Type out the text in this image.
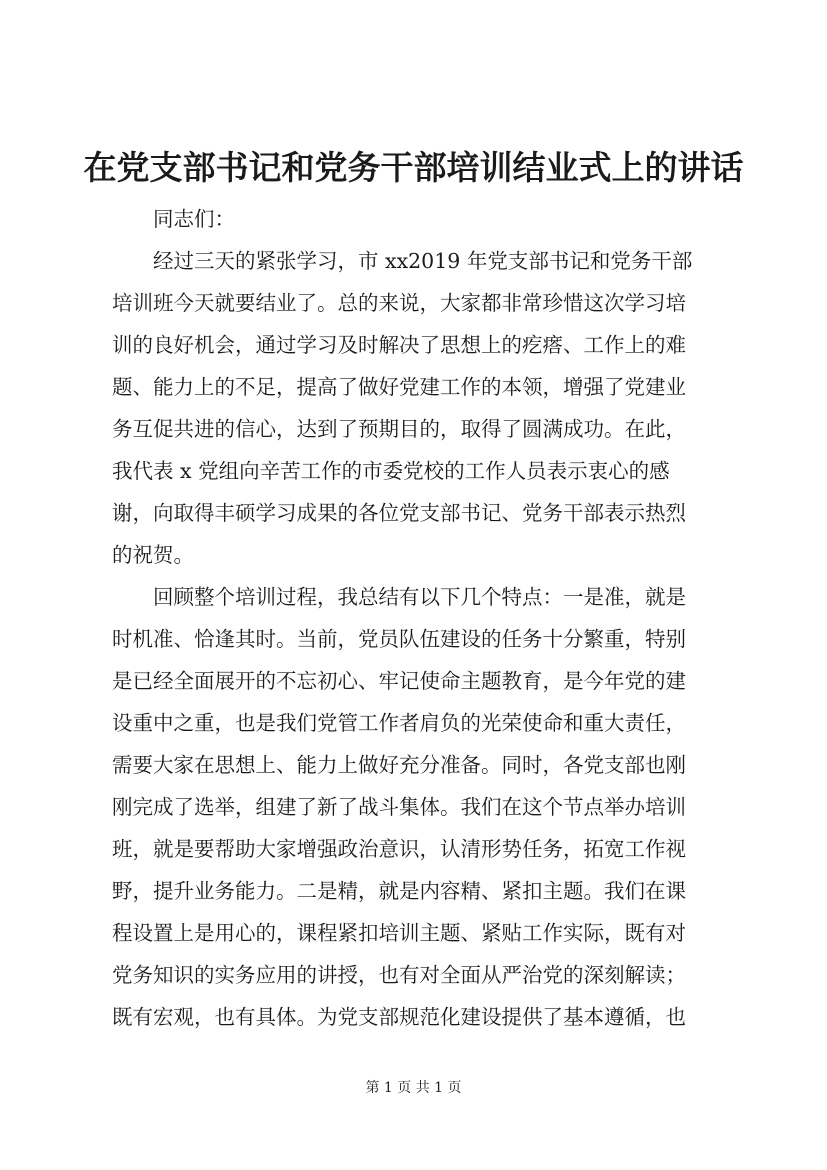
在党支部书记和党务干部培训结业式上的讲话
同志们：
经过三天的紧张学习，市 xx2019 年党支部书记和党务干部
培训班今天就要结业了。总的来说，大家都非常珍惜这次学习培
训的良好机会，通过学习及时解决了思想上的疙瘩、工作上的难
题、能力上的不足，提高了做好党建工作的本领，增强了党建业
务互促共进的信心，达到了预期目的，取得了圆满成功。在此，
我代表 x 党组向辛苦工作的市委党校的工作人员表示衷心的感
谢，向取得丰硕学习成果的各位党支部书记、党务干部表示热烈
的祝贺。
回顾整个培训过程，我总结有以下几个特点：一是准，就是
时机准、恰逢其时。当前，党员队伍建设的任务十分繁重，特别
是已经全面展开的不忘初心、牢记使命主题教育，是今年党的建
设重中之重，也是我们党管工作者肩负的光荣使命和重大责任，
需要大家在思想上、能力上做好充分准备。同时，各党支部也刚
刚完成了选举，组建了新了战斗集体。我们在这个节点举办培训
班，就是要帮助大家增强政治意识，认清形势任务，拓宽工作视
野，提升业务能力。二是精，就是内容精、紧扣主题。我们在课
程设置上是用心的，课程紧扣培训主题、紧贴工作实际，既有对
党务知识的实务应用的讲授，也有对全面从严治党的深刻解读；
既有宏观，也有具体。为党支部规范化建设提供了基本遵循，也
第 1 页 共 1 页
